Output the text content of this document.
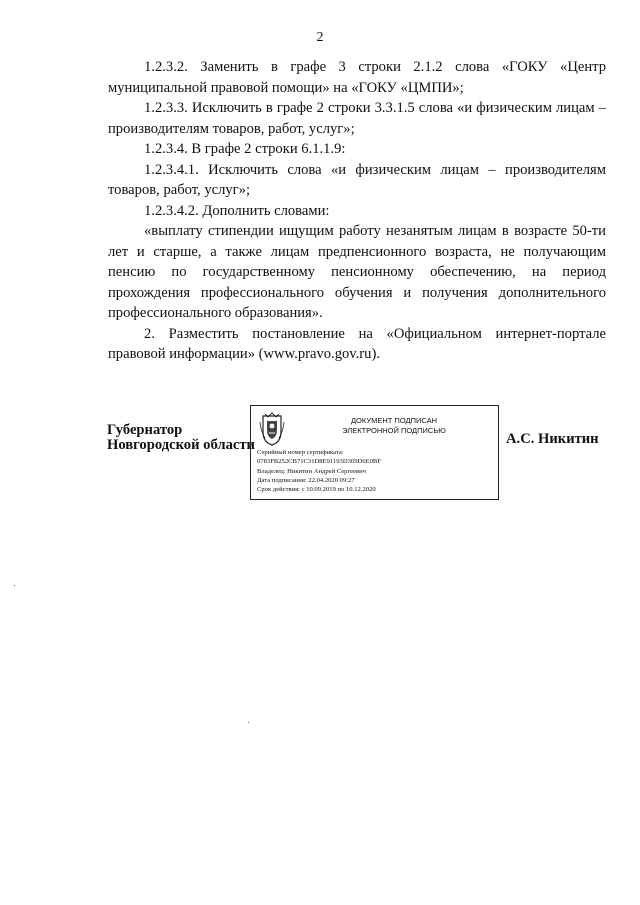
2

1.2.3.2. Заменить в графе 3 строки 2.1.2 слова «ГОКУ «Центр муниципальной правовой помощи» на «ГОКУ «ЦМПИ»;

1.2.3.3. Исключить в графе 2 строки 3.3.1.5 слова «и физическим лицам – производителям товаров, работ, услуг»;

1.2.3.4. В графе 2 строки 6.1.1.9:

1.2.3.4.1. Исключить слова «и физическим лицам – производителям товаров, работ, услуг»;

1.2.3.4.2. Дополнить словами:

«выплату стипендии ищущим работу незанятым лицам в возрасте 50-ти лет и старше, а также лицам предпенсионного возраста, не получающим пенсию по государственному пенсионному обеспечению, на период прохождения профессионального обучения и получения дополнительного профессионального образования».

2. Разместить постановление на «Официальном интернет-портале правовой информации» (www.pravo.gov.ru).

Губернатор
Новгородской области
ДОКУМЕНТ ПОДПИСАН
ЭЛЕКТРОННОЙ ПОДПИСЬЮ
Серийный номер сертификата:
0783FB252CB71C31D8E91193D369D6E0BF
Владелец: Никитин Андрей Сергеевич
Дата подписания: 22.04.2020 09:27
Срок действия: с 10.09.2019 по 10.12.2020
А.С. Никитин
